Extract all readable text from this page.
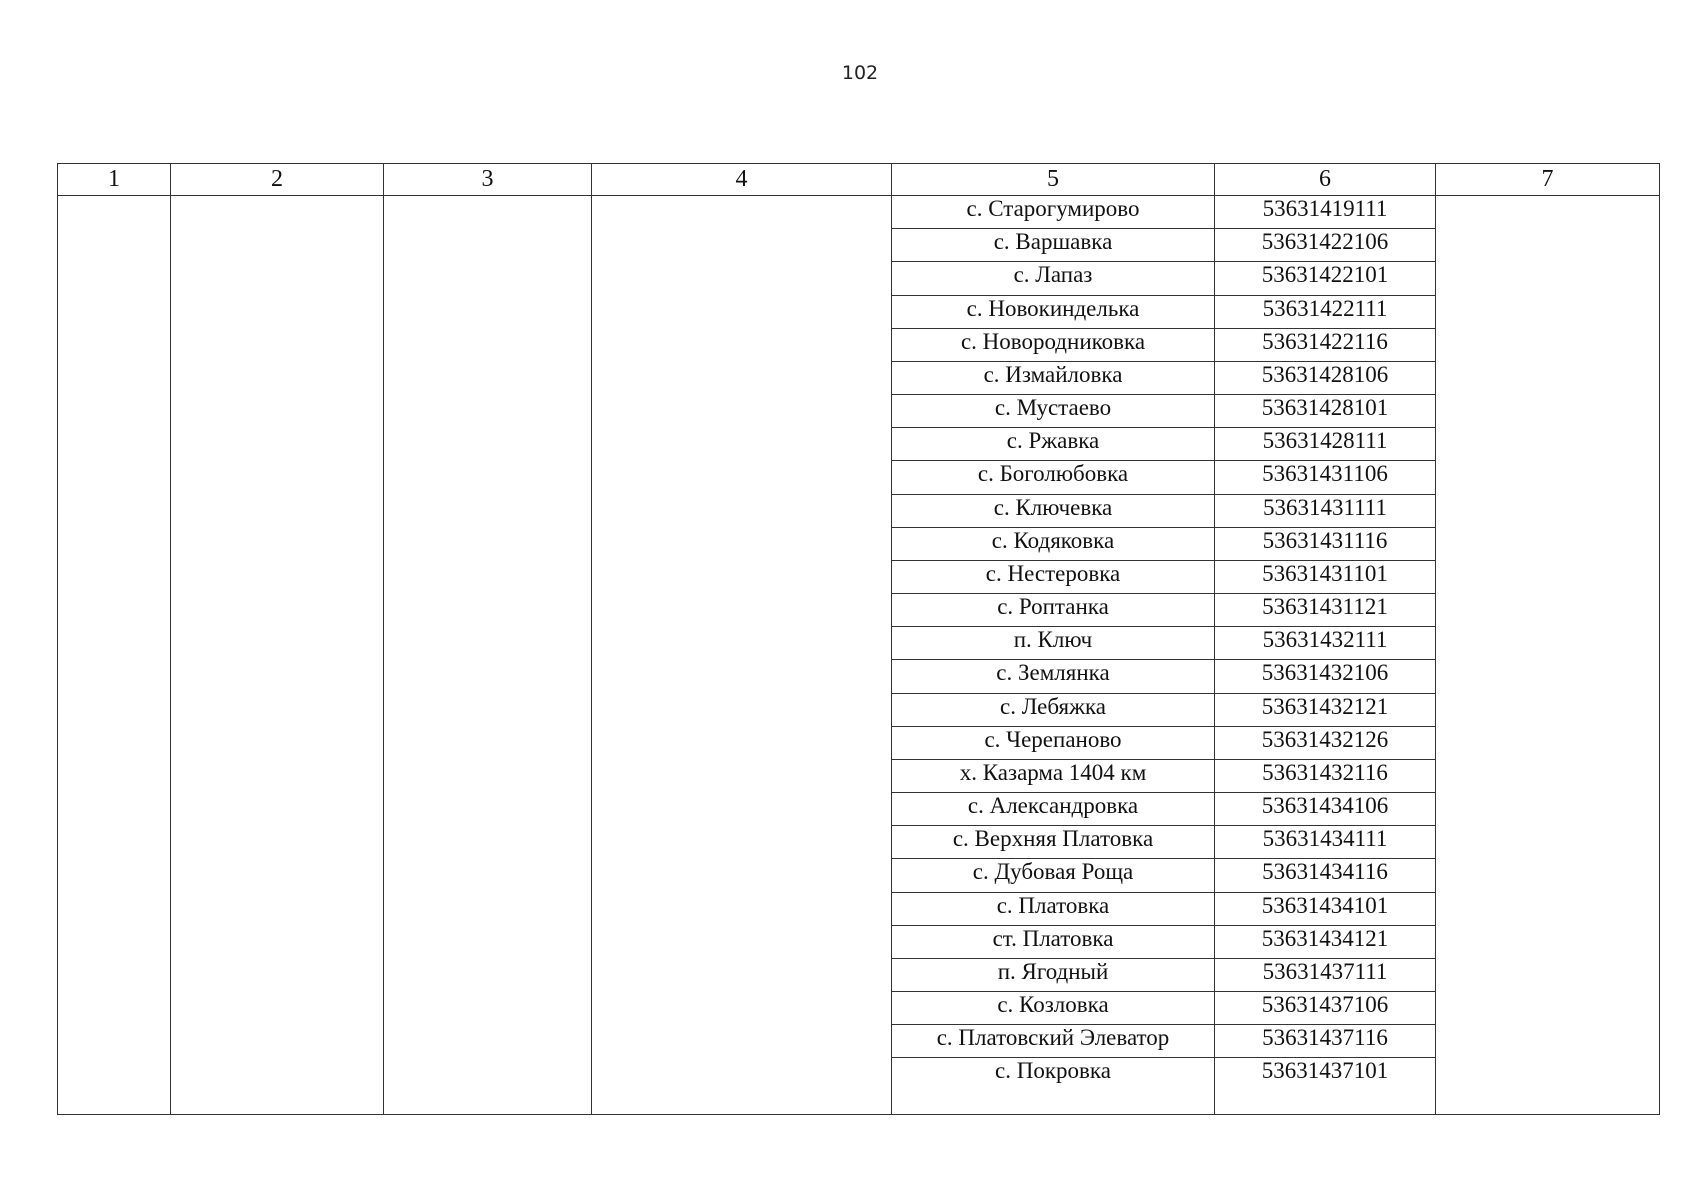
102
1	2	3	4	5	6	7
				с. Старогумирово	53631419111	
				с. Варшавка	53631422106	
				с. Лапаз	53631422101	
				с. Новокинделька	53631422111	
				с. Новородниковка	53631422116	
				с. Измайловка	53631428106	
				с. Мустаево	53631428101	
				с. Ржавка	53631428111	
				с. Боголюбовка	53631431106	
				с. Ключевка	53631431111	
				с. Кодяковка	53631431116	
				с. Нестеровка	53631431101	
				с. Роптанка	53631431121	
				п. Ключ	53631432111	
				с. Землянка	53631432106	
				с. Лебяжка	53631432121	
				с. Черепаново	53631432126	
				х. Казарма 1404 км	53631432116	
				с. Александровка	53631434106	
				с. Верхняя Платовка	53631434111	
				с. Дубовая Роща	53631434116	
				с. Платовка	53631434101	
				ст. Платовка	53631434121	
				п. Ягодный	53631437111	
				с. Козловка	53631437106	
				с. Платовский Элеватор	53631437116	
				с. Покровка	53631437101	
